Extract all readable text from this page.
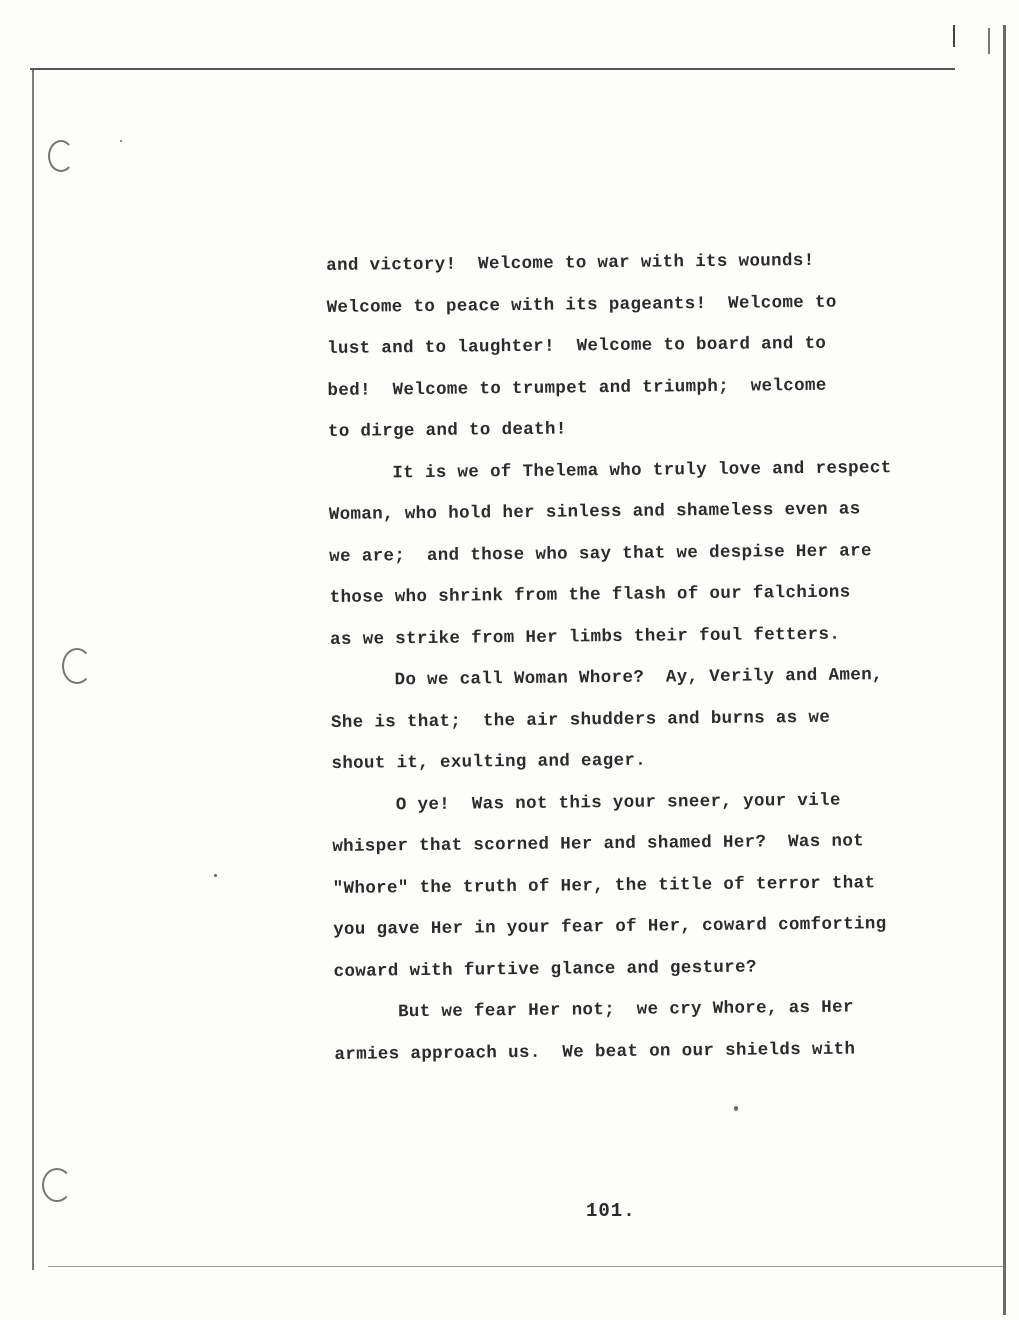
and victory!  Welcome to war with its wounds!
Welcome to peace with its pageants!  Welcome to
lust and to laughter!  Welcome to board and to
bed!  Welcome to trumpet and triumph;  welcome
to dirge and to death!
It is we of Thelema who truly love and respect
Woman, who hold her sinless and shameless even as
we are;  and those who say that we despise Her are
those who shrink from the flash of our falchions
as we strike from Her limbs their foul fetters.
Do we call Woman Whore?  Ay, Verily and Amen,
She is that;  the air shudders and burns as we
shout it, exulting and eager.
O ye!  Was not this your sneer, your vile
whisper that scorned Her and shamed Her?  Was not
"Whore" the truth of Her, the title of terror that
you gave Her in your fear of Her, coward comforting
coward with furtive glance and gesture?
But we fear Her not;  we cry Whore, as Her
armies approach us.  We beat on our shields with
101.
